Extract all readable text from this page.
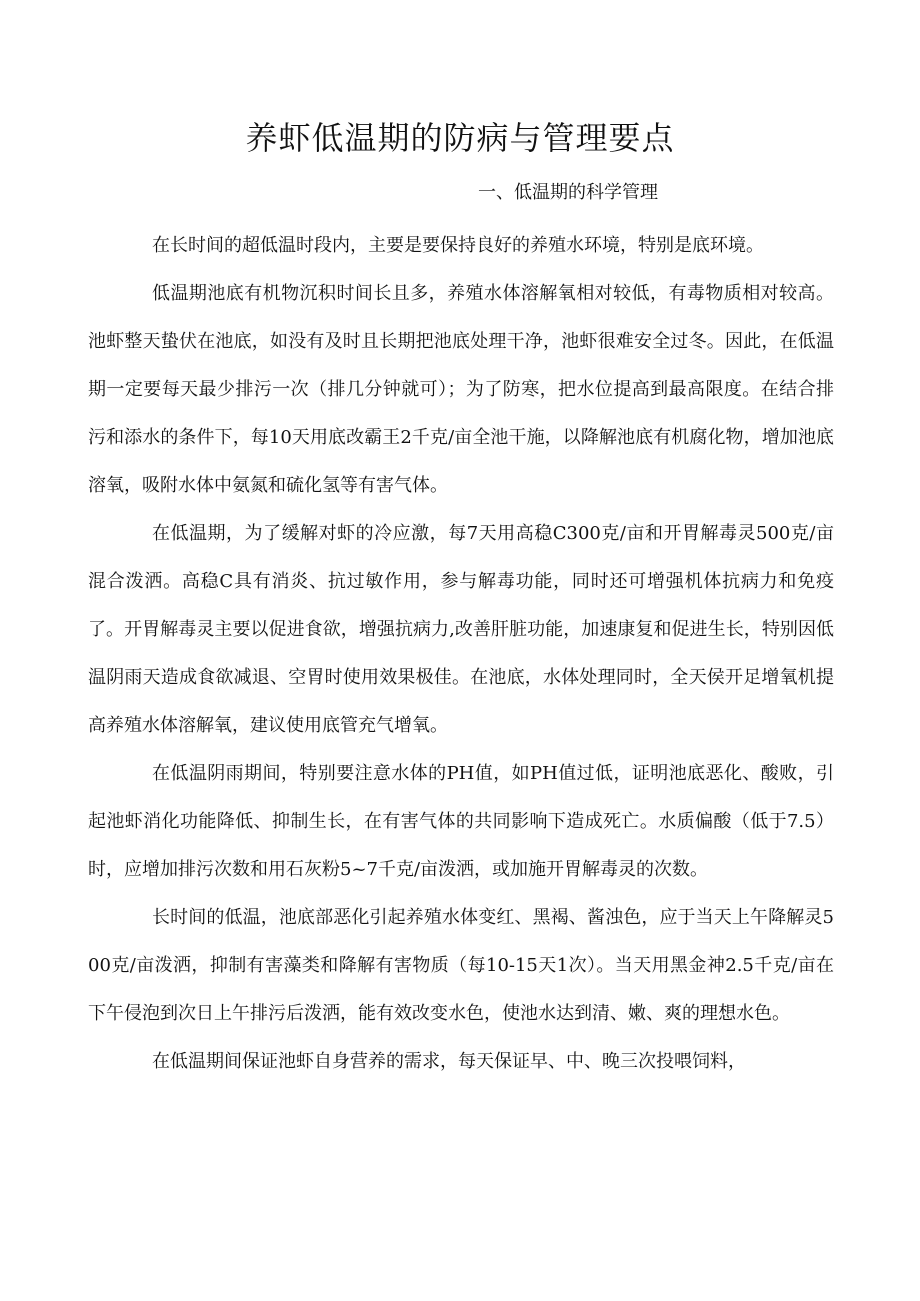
养虾低温期的防病与管理要点
一、低温期的科学管理

在长时间的超低温时段内，主要是要保持良好的养殖水环境，特别是底环境。

低温期池底有机物沉积时间长且多，养殖水体溶解氧相对较低，有毒物质相对较高。池虾整天蛰伏在池底，如没有及时且长期把池底处理干净，池虾很难安全过冬。因此，在低温期一定要每天最少排污一次（排几分钟就可）；为了防寒，把水位提高到最高限度。在结合排污和添水的条件下，每10天用底改霸王2千克/亩全池干施，以降解池底有机腐化物，增加池底溶氧，吸附水体中氨氮和硫化氢等有害气体。

在低温期，为了缓解对虾的冷应激，每7天用高稳C300克/亩和开胃解毒灵500克/亩混合泼洒。高稳C具有消炎、抗过敏作用，参与解毒功能，同时还可增强机体抗病力和免疫了。开胃解毒灵主要以促进食欲，增强抗病力,改善肝脏功能，加速康复和促进生长，特别因低温阴雨天造成食欲减退、空胃时使用效果极佳。在池底，水体处理同时，全天侯开足增氧机提高养殖水体溶解氧，建议使用底管充气增氧。

在低温阴雨期间，特别要注意水体的PH值，如PH值过低，证明池底恶化、酸败，引起池虾消化功能降低、抑制生长，在有害气体的共同影响下造成死亡。水质偏酸（低于7.5）时，应增加排污次数和用石灰粉5~7千克/亩泼洒，或加施开胃解毒灵的次数。

长时间的低温，池底部恶化引起养殖水体变红、黑褐、酱浊色，应于当天上午降解灵500克/亩泼洒，抑制有害藻类和降解有害物质（每10-15天1次）。当天用黑金神2.5千克/亩在下午侵泡到次日上午排污后泼洒，能有效改变水色，使池水达到清、嫩、爽的理想水色。

在低温期间保证池虾自身营养的需求，每天保证早、中、晚三次投喂饲料，
